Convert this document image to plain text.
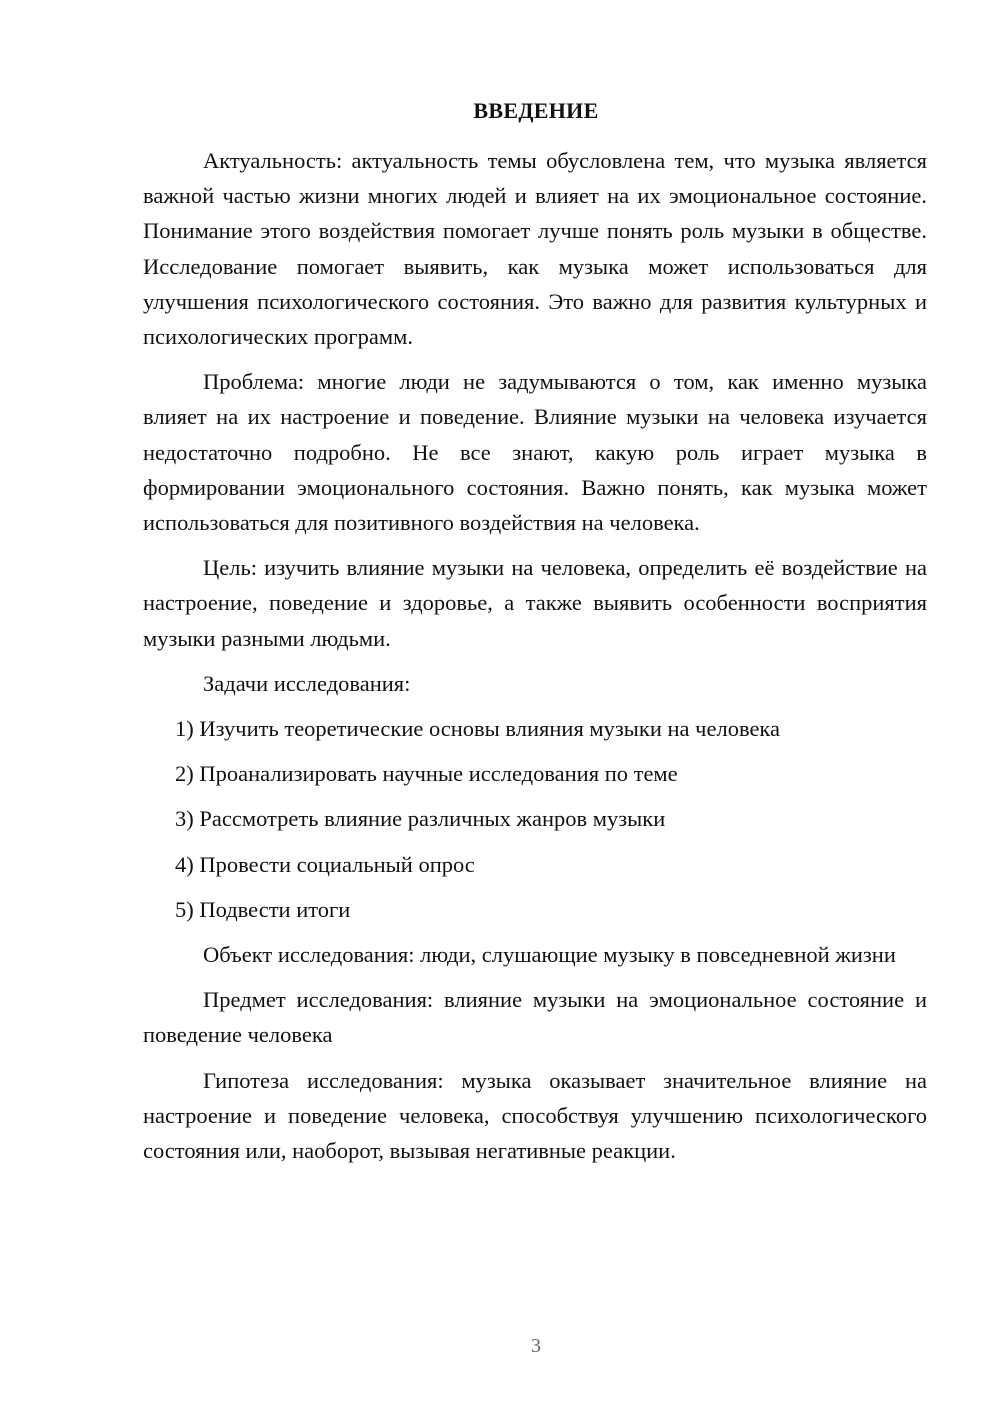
ВВЕДЕНИЕ

Актуальность: актуальность темы обусловлена тем, что музыка является важной частью жизни многих людей и влияет на их эмоциональное состояние. Понимание этого воздействия помогает лучше понять роль музыки в обществе. Исследование помогает выявить, как музыка может использоваться для улучшения психологического состояния. Это важно для развития культурных и психологических программ.

Проблема: многие люди не задумываются о том, как именно музыка влияет на их настроение и поведение. Влияние музыки на человека изучается недостаточно подробно. Не все знают, какую роль играет музыка в формировании эмоционального состояния. Важно понять, как музыка может использоваться для позитивного воздействия на человека.

Цель: изучить влияние музыки на человека, определить её воздействие на настроение, поведение и здоровье, а также выявить особенности восприятия музыки разными людьми.

Задачи исследования:

1) Изучить теоретические основы влияния музыки на человека

2) Проанализировать научные исследования по теме

3) Рассмотреть влияние различных жанров музыки

4) Провести социальный опрос

5) Подвести итоги

Объект исследования: люди, слушающие музыку в повседневной жизни

Предмет исследования: влияние музыки на эмоциональное состояние и поведение человека

Гипотеза исследования: музыка оказывает значительное влияние на настроение и поведение человека, способствуя улучшению психологического состояния или, наоборот, вызывая негативные реакции.

3
